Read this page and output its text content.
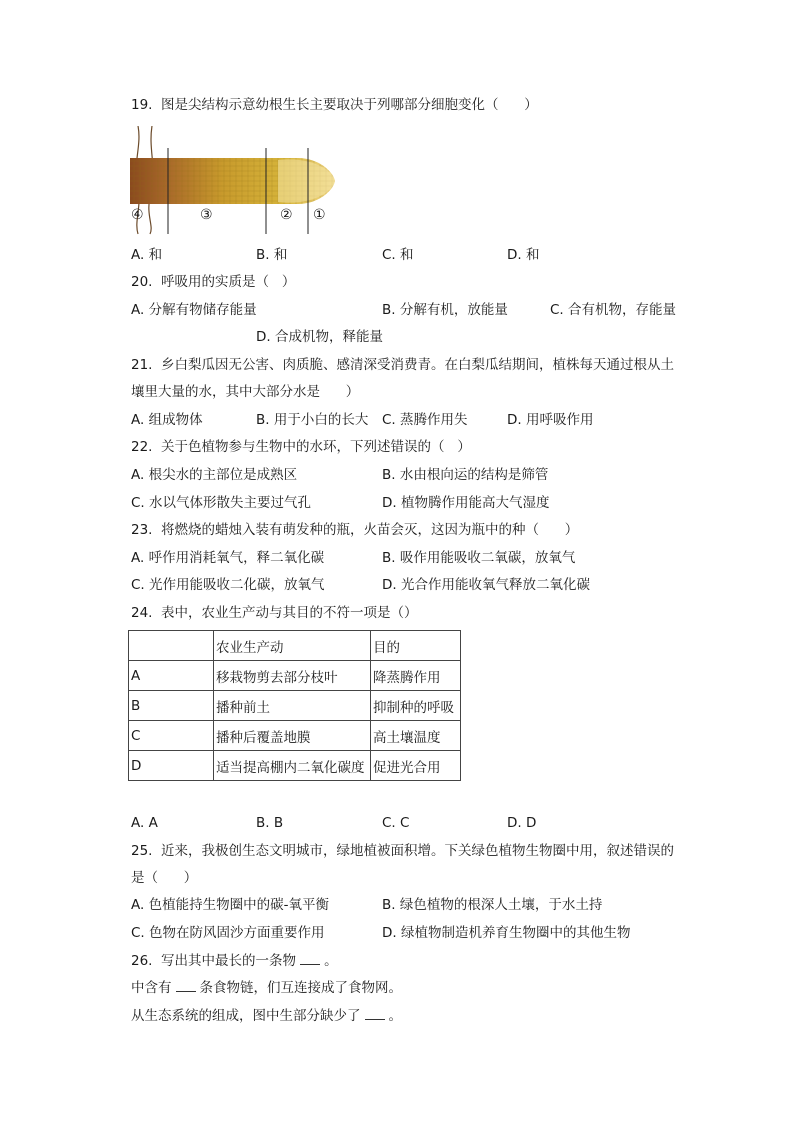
19.  图是尖结构示意幼根生长主要取决于列哪部分细胞变化（      ）
④	③	② ①
A. 和	B. 和	C. 和	D. 和
20.  呼吸用的实质是（   ）
A. 分解有物储存能量	B. 分解有机，放能量	C. 合有机物，存能量
D. 合成机物，释能量
21.  乡白梨瓜因无公害、肉质脆、感清深受消费青。在白梨瓜结期间，植株每天通过根从土
壤里大量的水，其中大部分水是      ）
A. 组成物体	B. 用于小白的长大 C. 蒸腾作用失	D. 用呼吸作用
22.  关于色植物参与生物中的水环，下列述错误的（   ）
A. 根尖水的主部位是成熟区	B. 水由根向运的结构是筛管
C. 水以气体形散失主要过气孔	D. 植物腾作用能高大气湿度
23.  将燃烧的蜡烛入装有萌发种的瓶，火苗会灭，这因为瓶中的种（      ）
A. 呼作用消耗氧气，释二氧化碳	B. 吸作用能吸收二氧碳，放氧气
C. 光作用能吸收二化碳，放氧气	D. 光合作用能收氧气释放二氧化碳
24.  表中，农业生产动与其目的不符一项是（）
	农业生产动	目的
A	移栽物剪去部分枝叶	降蒸腾作用
B	播种前土	抑制种的呼吸
C	播种后覆盖地膜	高土壤温度
D	适当提高棚内二氧化碳度	促进光合用
A. A	B. B	C. C	D. D
25.  近来，我极创生态文明城市，绿地植被面积增。下关绿色植物生物圈中用，叙述错误的
是（      ）
A. 色植能持生物圈中的碳-氧平衡	B. 绿色植物的根深人土壤，于水土持
C. 色物在防风固沙方面重要作用	D. 绿植物制造机养育生物圈中的其他生物
26.  写出其中最长的一条物 。
中含有 条食物链，们互连接成了食物网。
从生态系统的组成，图中生部分缺少了 。
